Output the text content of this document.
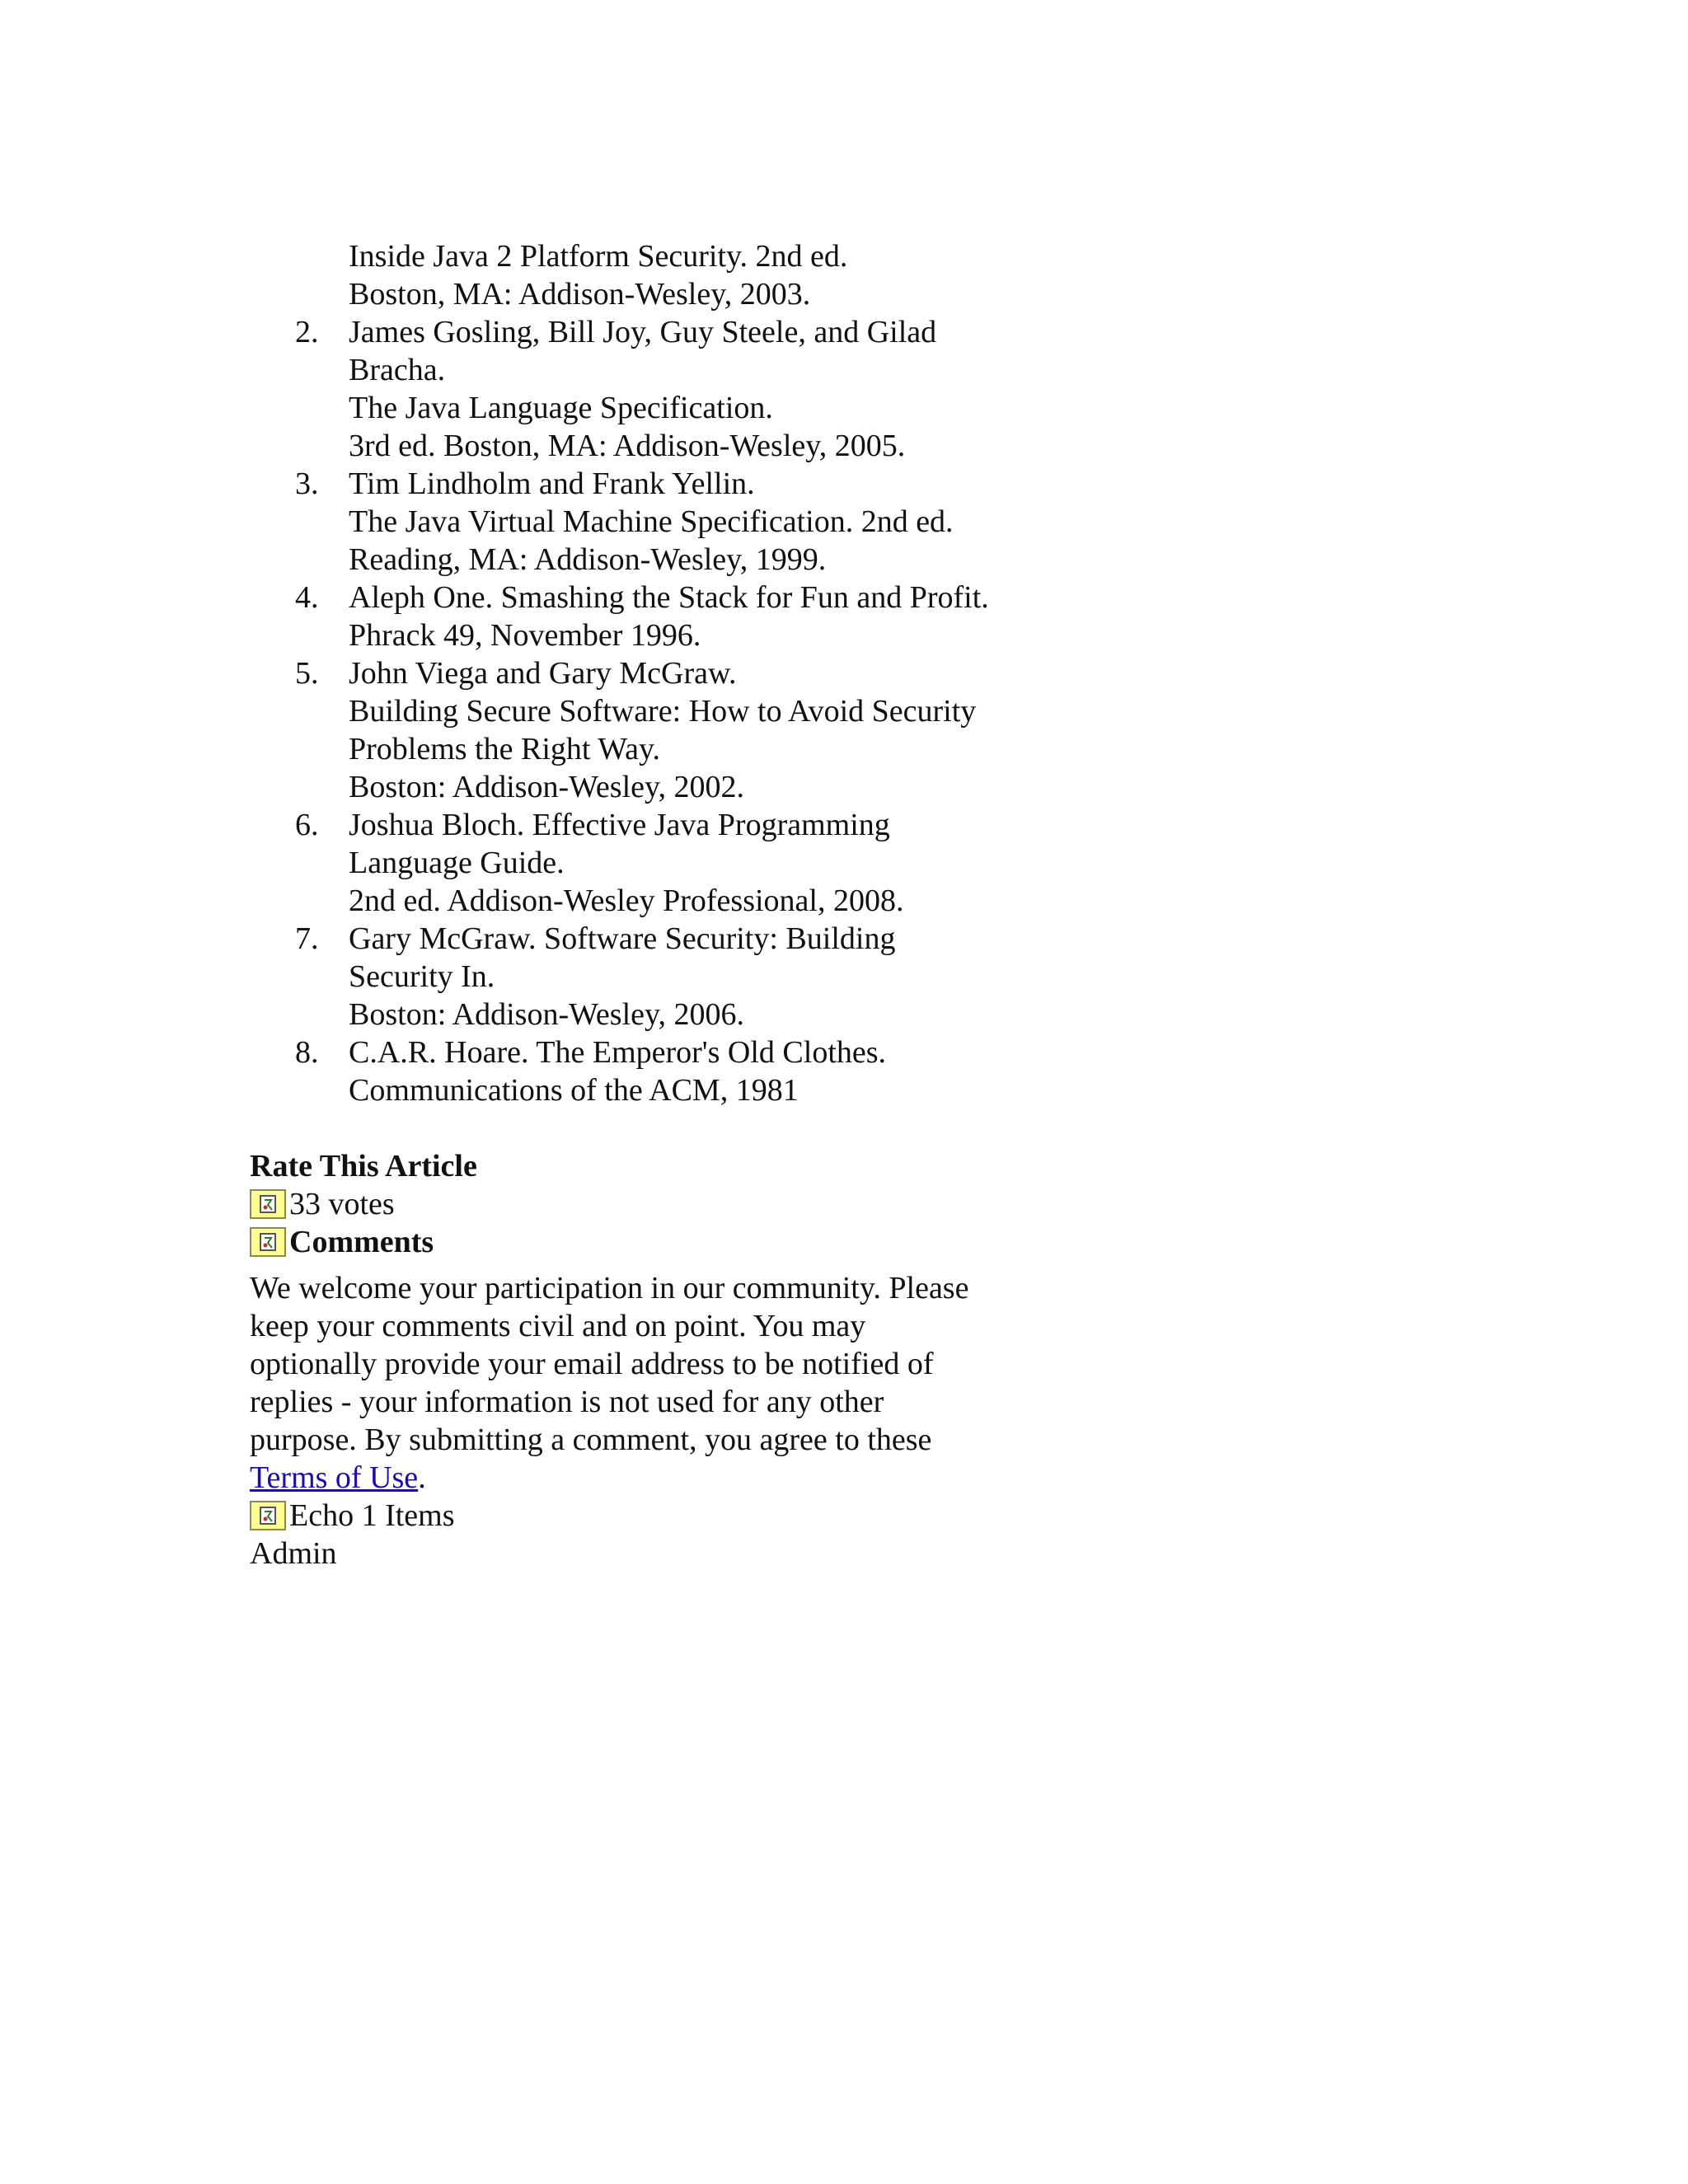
Inside Java 2 Platform Security. 2nd ed.
Boston, MA: Addison-Wesley, 2003.
2. James Gosling, Bill Joy, Guy Steele, and Gilad
Bracha.
The Java Language Specification.
3rd ed. Boston, MA: Addison-Wesley, 2005.
3. Tim Lindholm and Frank Yellin.
The Java Virtual Machine Specification. 2nd ed.
Reading, MA: Addison-Wesley, 1999.
4. Aleph One. Smashing the Stack for Fun and Profit.
Phrack 49, November 1996.
5. John Viega and Gary McGraw.
Building Secure Software: How to Avoid Security
Problems the Right Way.
Boston: Addison-Wesley, 2002.
6. Joshua Bloch. Effective Java Programming
Language Guide.
2nd ed. Addison-Wesley Professional, 2008.
7. Gary McGraw. Software Security: Building
Security In.
Boston: Addison-Wesley, 2006.
8. C.A.R. Hoare. The Emperor's Old Clothes.
Communications of the ACM, 1981
Rate This Article
33 votes
Comments
We welcome your participation in our community. Please
keep your comments civil and on point. You may
optionally provide your email address to be notified of
replies - your information is not used for any other
purpose. By submitting a comment, you agree to these
Terms of Use.
Echo 1 Items
Admin
